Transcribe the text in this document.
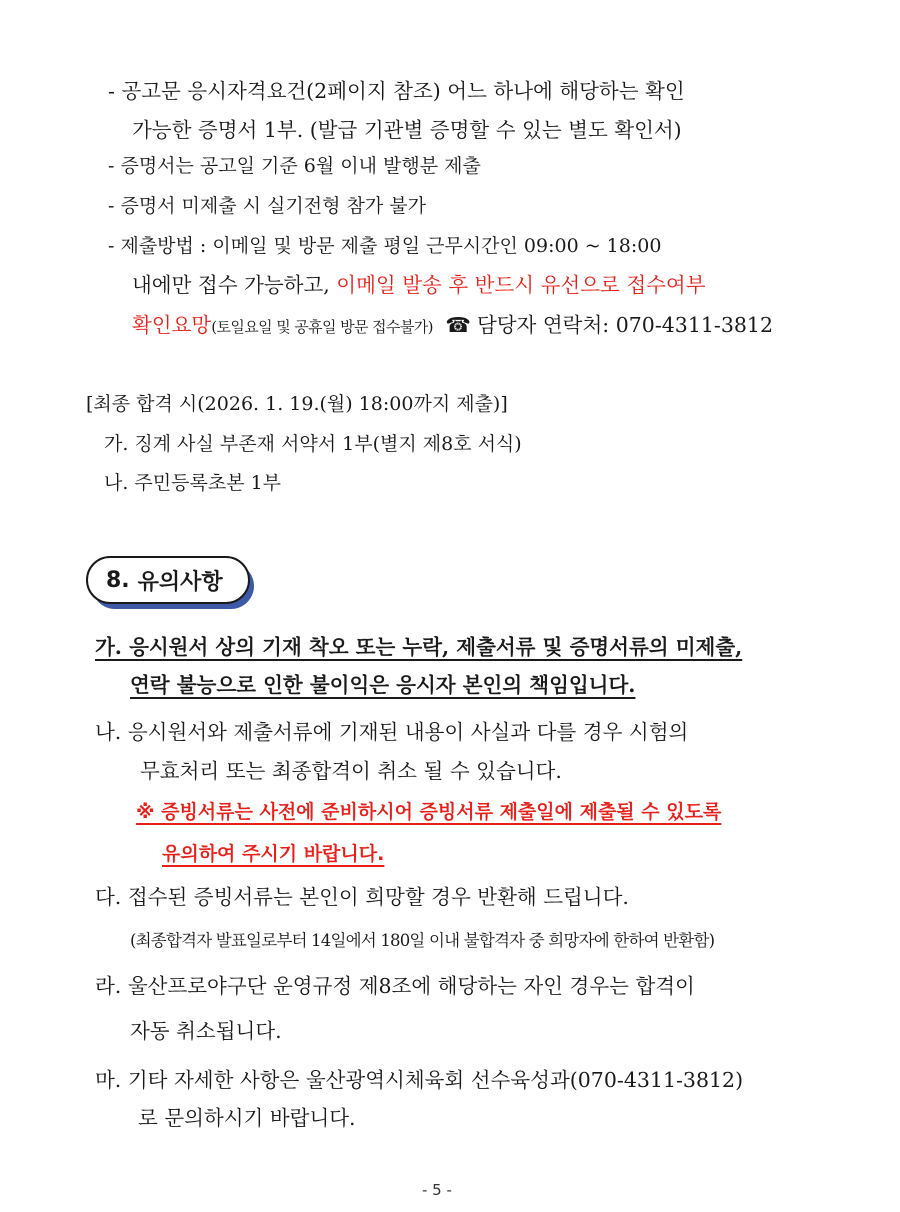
- 공고문 응시자격요건(2페이지 참조) 어느 하나에 해당하는 확인
가능한 증명서 1부. (발급 기관별 증명할 수 있는 별도 확인서)
- 증명서는 공고일 기준 6월 이내 발행분 제출
- 증명서 미제출 시 실기전형 참가 불가
- 제출방법 : 이메일 및 방문 제출 평일 근무시간인 09:00 ~ 18:00
내에만 접수 가능하고, 이메일 발송 후 반드시 유선으로 접수여부
확인요망(토일요일 및 공휴일 방문 접수불가) ☎ 담당자 연락처: 070-4311-3812
[최종 합격 시(2026. 1. 19.(월) 18:00까지 제출)]
가. 징계 사실 부존재 서약서 1부(별지 제8호 서식)
나. 주민등록초본 1부
8. 유의사항
가. 응시원서 상의 기재 착오 또는 누락, 제출서류 및 증명서류의 미제출,
연락 불능으로 인한 불이익은 응시자 본인의 책임입니다.
나. 응시원서와 제출서류에 기재된 내용이 사실과 다를 경우 시험의
무효처리 또는 최종합격이 취소 될 수 있습니다.
※ 증빙서류는 사전에 준비하시어 증빙서류 제출일에 제출될 수 있도록
유의하여 주시기 바랍니다.
다. 접수된 증빙서류는 본인이 희망할 경우 반환해 드립니다.
(최종합격자 발표일로부터 14일에서 180일 이내 불합격자 중 희망자에 한하여 반환함)
라. 울산프로야구단 운영규정 제8조에 해당하는 자인 경우는 합격이
자동 취소됩니다.
마. 기타 자세한 사항은 울산광역시체육회 선수육성과(070-4311-3812)
로 문의하시기 바랍니다.
- 5 -
